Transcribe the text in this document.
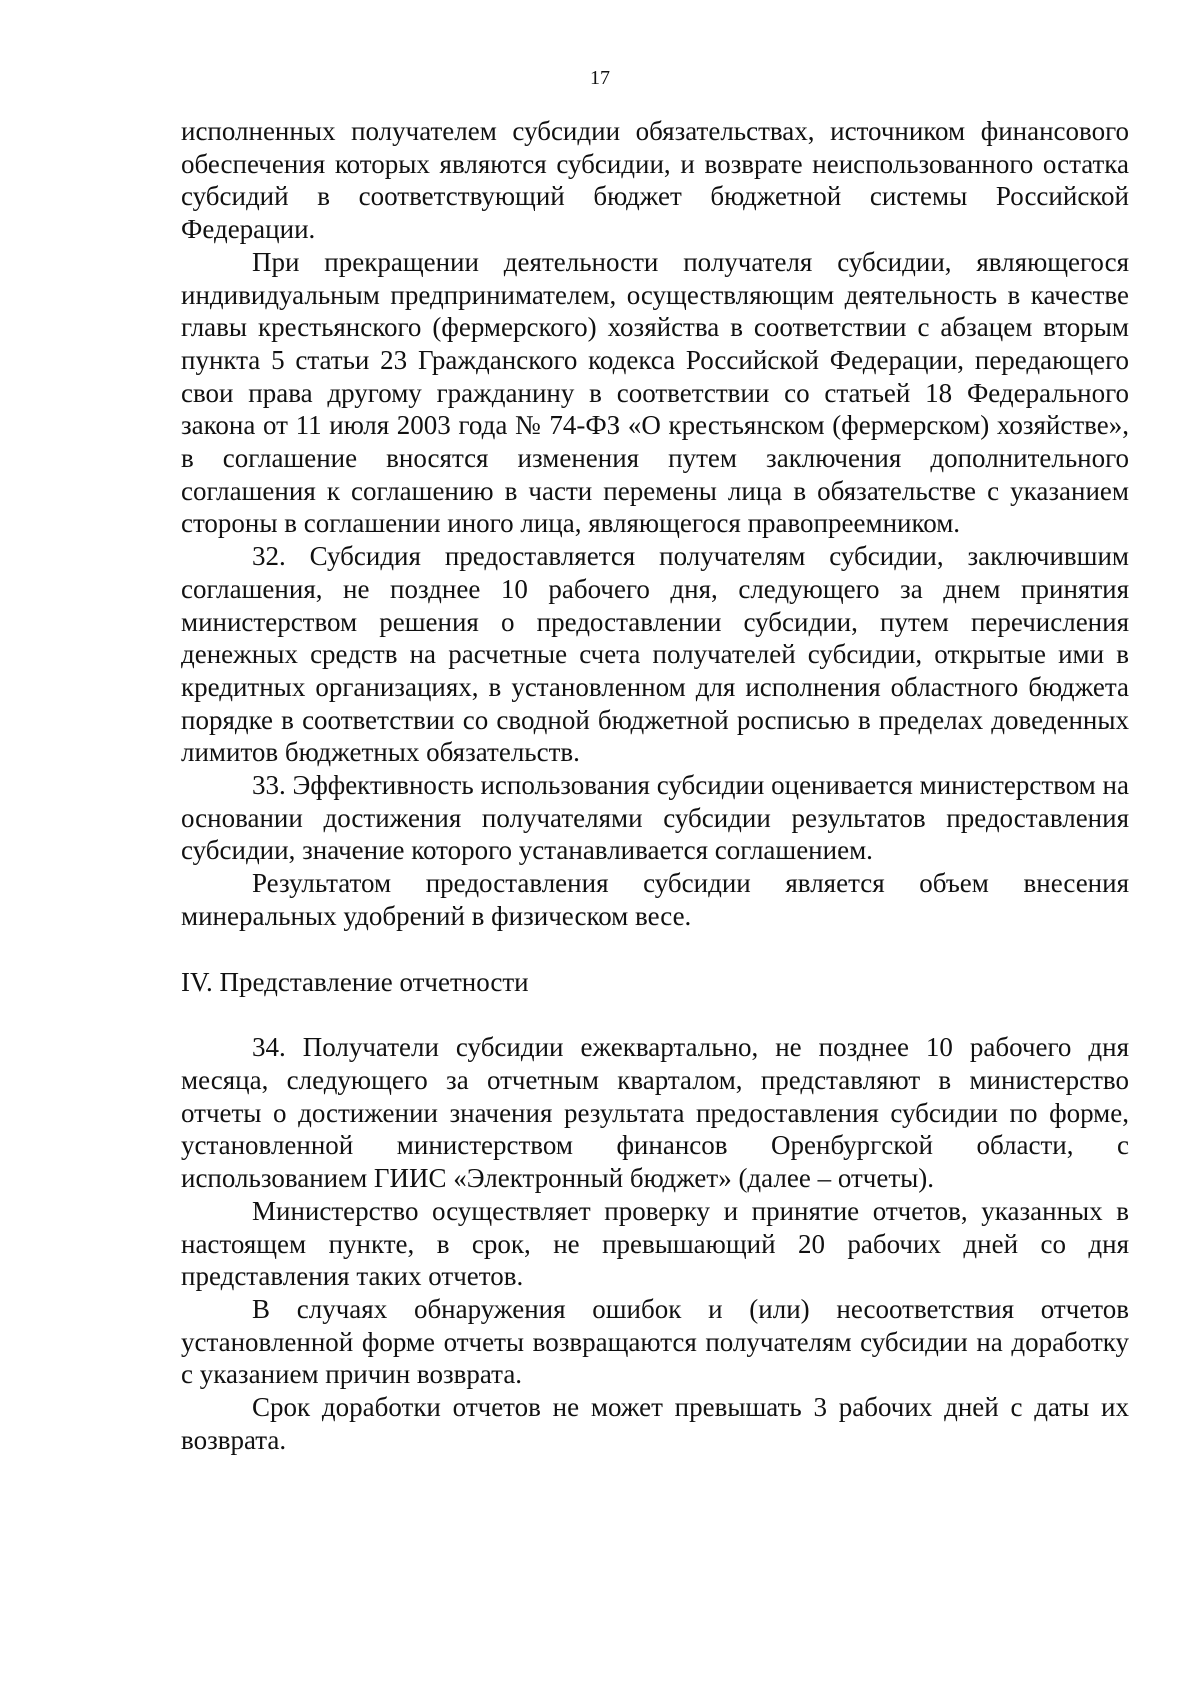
17

исполненных получателем субсидии обязательствах, источником финансового обеспечения которых являются субсидии, и возврате неиспользованного остатка субсидий в соответствующий бюджет бюджетной системы Российской Федерации.

При прекращении деятельности получателя субсидии, являющегося индивидуальным предпринимателем, осуществляющим деятельность в качестве главы крестьянского (фермерского) хозяйства в соответствии с абзацем вторым пункта 5 статьи 23 Гражданского кодекса Российской Федерации, передающего свои права другому гражданину в соответствии со статьей 18 Федерального закона от 11 июля 2003 года № 74-ФЗ «О крестьянском (фермерском) хозяйстве», в соглашение вносятся изменения путем заключения дополнительного соглашения к соглашению в части перемены лица в обязательстве с указанием стороны в соглашении иного лица, являющегося правопреемником.

32. Субсидия предоставляется получателям субсидии, заключившим соглашения, не позднее 10 рабочего дня, следующего за днем принятия министерством решения о предоставлении субсидии, путем перечисления денежных средств на расчетные счета получателей субсидии, открытые ими в кредитных организациях, в установленном для исполнения областного бюджета порядке в соответствии со сводной бюджетной росписью в пределах доведенных лимитов бюджетных обязательств.

33. Эффективность использования субсидии оценивается министерством на основании достижения получателями субсидии результатов предоставления субсидии, значение которого устанавливается соглашением.

Результатом предоставления субсидии является объем внесения минеральных удобрений в физическом весе.

IV. Представление отчетности

34. Получатели субсидии ежеквартально, не позднее 10 рабочего дня месяца, следующего за отчетным кварталом, представляют в министерство отчеты о достижении значения результата предоставления субсидии по форме, установленной министерством финансов Оренбургской области, с использованием ГИИС «Электронный бюджет» (далее – отчеты).

Министерство осуществляет проверку и принятие отчетов, указанных в настоящем пункте, в срок, не превышающий 20 рабочих дней со дня представления таких отчетов.

В случаях обнаружения ошибок и (или) несоответствия отчетов установленной форме отчеты возвращаются получателям субсидии на доработку с указанием причин возврата.

Срок доработки отчетов не может превышать 3 рабочих дней с даты их возврата.
